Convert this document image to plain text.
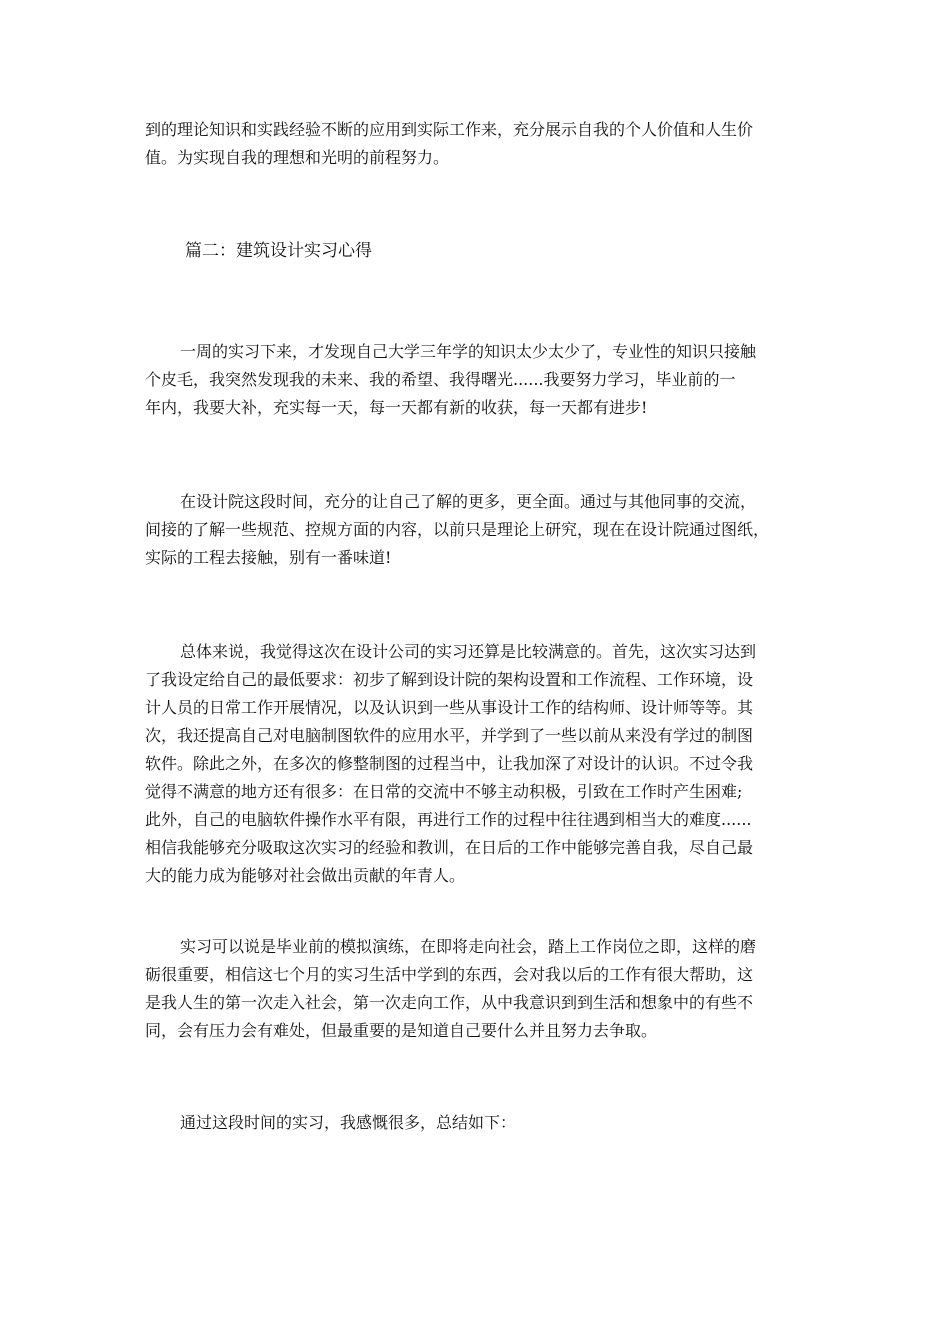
到的理论知识和实践经验不断的应用到实际工作来，充分展示自我的个人价值和人生价
值。为实现自我的理想和光明的前程努力。
篇二：建筑设计实习心得
一周的实习下来，才发现自己大学三年学的知识太少太少了，专业性的知识只接触
个皮毛，我突然发现我的未来、我的希望、我得曙光......我要努力学习，毕业前的一
年内，我要大补，充实每一天，每一天都有新的收获，每一天都有进步!
在设计院这段时间，充分的让自己了解的更多，更全面。通过与其他同事的交流，
间接的了解一些规范、控规方面的内容，以前只是理论上研究，现在在设计院通过图纸，
实际的工程去接触，别有一番味道!
总体来说，我觉得这次在设计公司的实习还算是比较满意的。首先，这次实习达到
了我设定给自己的最低要求：初步了解到设计院的架构设置和工作流程、工作环境，设
计人员的日常工作开展情况，以及认识到一些从事设计工作的结构师、设计师等等。其
次，我还提高自己对电脑制图软件的应用水平，并学到了一些以前从来没有学过的制图
软件。除此之外，在多次的修整制图的过程当中，让我加深了对设计的认识。不过令我
觉得不满意的地方还有很多：在日常的交流中不够主动积极，引致在工作时产生困难;
此外，自己的电脑软件操作水平有限，再进行工作的过程中往往遇到相当大的难度......
相信我能够充分吸取这次实习的经验和教训，在日后的工作中能够完善自我，尽自己最
大的能力成为能够对社会做出贡献的年青人。
实习可以说是毕业前的模拟演练，在即将走向社会，踏上工作岗位之即，这样的磨
砺很重要，相信这七个月的实习生活中学到的东西，会对我以后的工作有很大帮助，这
是我人生的第一次走入社会，第一次走向工作，从中我意识到到生活和想象中的有些不
同，会有压力会有难处，但最重要的是知道自己要什么并且努力去争取。
通过这段时间的实习，我感慨很多，总结如下：
